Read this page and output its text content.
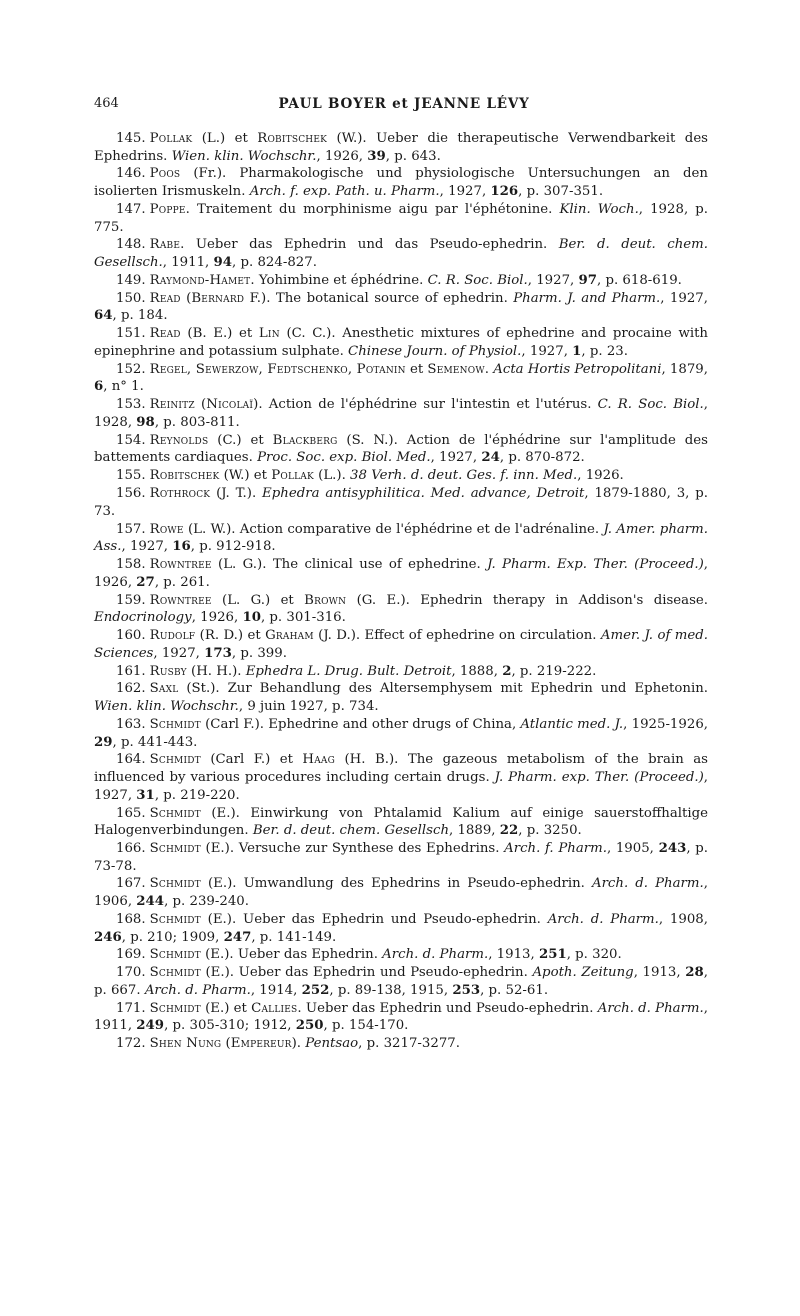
464	PAUL BOYER et JEANNE LÉVY

145. Pollak (L.) et Robitschek (W.). Ueber die therapeutische Verwendbarkeit des Ephedrins. Wien. klin. Wochschr., 1926, 39, p. 643.

146. Poos (Fr.). Pharmakologische und physiologische Untersuchungen an den isolierten Irismuskeln. Arch. f. exp. Path. u. Pharm., 1927, 126, p. 307-351.

147. Poppe. Traitement du morphinisme aigu par l'éphétonine. Klin. Woch., 1928, p. 775.

148. Rabe. Ueber das Ephedrin und das Pseudo-ephedrin. Ber. d. deut. chem. Gesellsch., 1911, 94, p. 824-827.

149. Raymond-Hamet. Yohimbine et éphédrine. C. R. Soc. Biol., 1927, 97, p. 618-619.

150. Read (Bernard F.). The botanical source of ephedrin. Pharm. J. and Pharm., 1927, 64, p. 184.

151. Read (B. E.) et Lin (C. C.). Anesthetic mixtures of ephedrine and procaine with epinephrine and potassium sulphate. Chinese Journ. of Physiol., 1927, 1, p. 23.

152. Regel, Sewerzow, Fedtschenko, Potanin et Semenow. Acta Hortis Petropolitani, 1879, 6, n° 1.

153. Reinitz (Nicolaï). Action de l'éphédrine sur l'intestin et l'utérus. C. R. Soc. Biol., 1928, 98, p. 803-811.

154. Reynolds (C.) et Blackberg (S. N.). Action de l'éphédrine sur l'amplitude des battements cardiaques. Proc. Soc. exp. Biol. Med., 1927, 24, p. 870-872.

155. Robitschek (W.) et Pollak (L.). 38 Verh. d. deut. Ges. f. inn. Med., 1926.

156. Rothrock (J. T.). Ephedra antisyphilitica. Med. advance, Detroit, 1879-1880, 3, p. 73.

157. Rowe (L. W.). Action comparative de l'éphédrine et de l'adrénaline. J. Amer. pharm. Ass., 1927, 16, p. 912-918.

158. Rowntree (L. G.). The clinical use of ephedrine. J. Pharm. Exp. Ther. (Proceed.), 1926, 27, p. 261.

159. Rowntree (L. G.) et Brown (G. E.). Ephedrin therapy in Addison's disease. Endocrinology, 1926, 10, p. 301-316.

160. Rudolf (R. D.) et Graham (J. D.). Effect of ephedrine on circulation. Amer. J. of med. Sciences, 1927, 173, p. 399.

161. Rusby (H. H.). Ephedra L. Drug. Bult. Detroit, 1888, 2, p. 219-222.

162. Saxl (St.). Zur Behandlung des Altersemphysem mit Ephedrin und Ephetonin. Wien. klin. Wochschr., 9 juin 1927, p. 734.

163. Schmidt (Carl F.). Ephedrine and other drugs of China, Atlantic med. J., 1925-1926, 29, p. 441-443.

164. Schmidt (Carl F.) et Haag (H. B.). The gazeous metabolism of the brain as influenced by various procedures including certain drugs. J. Pharm. exp. Ther. (Proceed.), 1927, 31, p. 219-220.

165. Schmidt (E.). Einwirkung von Phtalamid Kalium auf einige sauerstoffhaltige Halogenverbindungen. Ber. d. deut. chem. Gesellsch, 1889, 22, p. 3250.

166. Schmidt (E.). Versuche zur Synthese des Ephedrins. Arch. f. Pharm., 1905, 243, p. 73-78.

167. Schmidt (E.). Umwandlung des Ephedrins in Pseudo-ephedrin. Arch. d. Pharm., 1906, 244, p. 239-240.

168. Schmidt (E.). Ueber das Ephedrin und Pseudo-ephedrin. Arch. d. Pharm., 1908, 246, p. 210; 1909, 247, p. 141-149.

169. Schmidt (E.). Ueber das Ephedrin. Arch. d. Pharm., 1913, 251, p. 320.

170. Schmidt (E.). Ueber das Ephedrin und Pseudo-ephedrin. Apoth. Zeitung, 1913, 28, p. 667. Arch. d. Pharm., 1914, 252, p. 89-138, 1915, 253, p. 52-61.

171. Schmidt (E.) et Callies. Ueber das Ephedrin und Pseudo-ephedrin. Arch. d. Pharm., 1911, 249, p. 305-310; 1912, 250, p. 154-170.

172. Shen Nung (Empereur). Pentsao, p. 3217-3277.
